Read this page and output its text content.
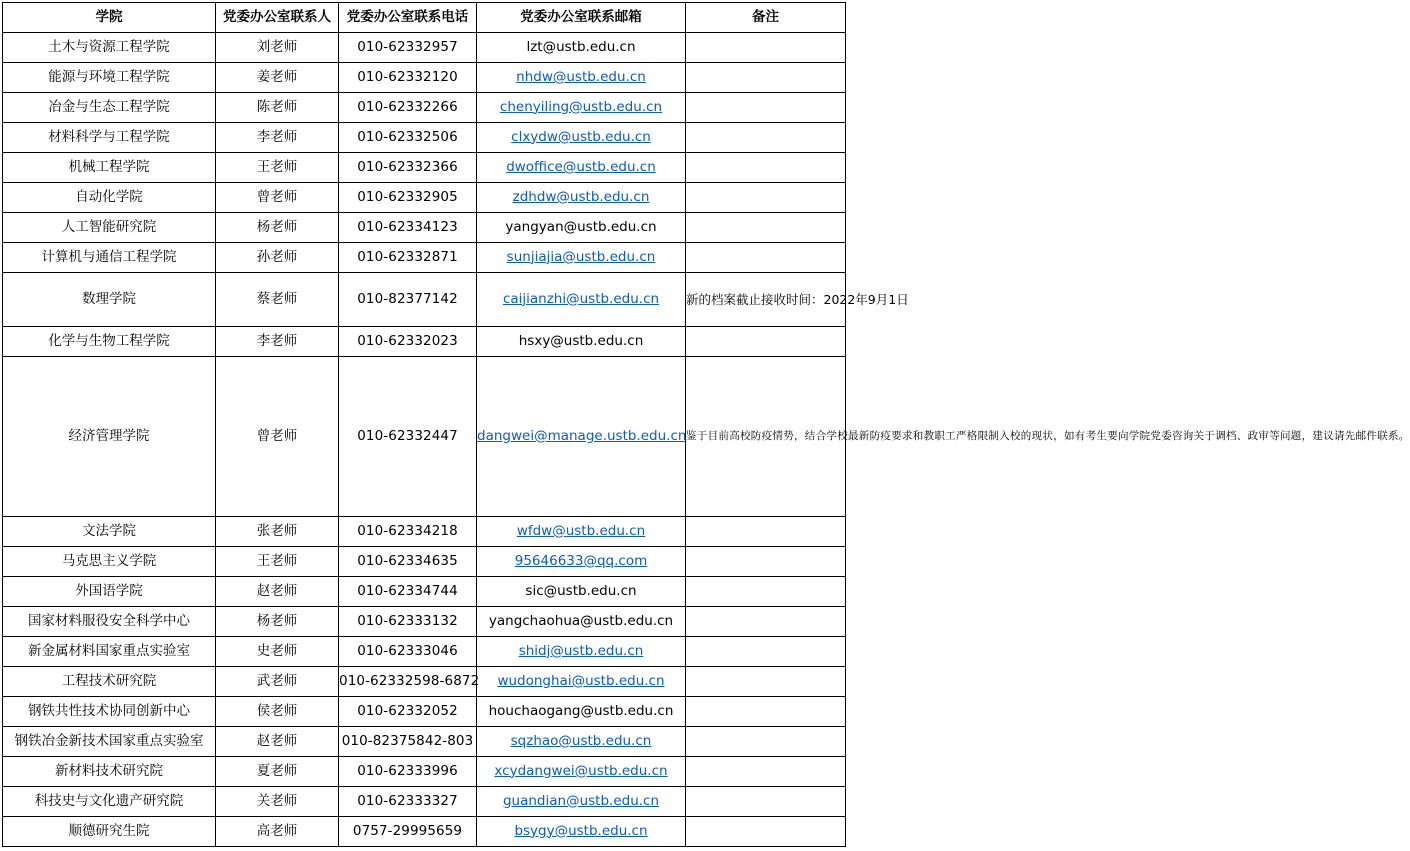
学院	党委办公室联系人	党委办公室联系电话	党委办公室联系邮箱	备注
土木与资源工程学院	刘老师	010-62332957	lzt@ustb.edu.cn	
能源与环境工程学院	姜老师	010-62332120	nhdw@ustb.edu.cn	
冶金与生态工程学院	陈老师	010-62332266	chenyiling@ustb.edu.cn	
材料科学与工程学院	李老师	010-62332506	clxydw@ustb.edu.cn	
机械工程学院	王老师	010-62332366	dwoffice@ustb.edu.cn	
自动化学院	曾老师	010-62332905	zdhdw@ustb.edu.cn	
人工智能研究院	杨老师	010-62334123	yangyan@ustb.edu.cn	
计算机与通信工程学院	孙老师	010-62332871	sunjiajia@ustb.edu.cn	
数理学院	蔡老师	010-82377142	caijianzhi@ustb.edu.cn	新的档案截止接收时间：2022年9月1日
化学与生物工程学院	李老师	010-62332023	hsxy@ustb.edu.cn	
经济管理学院	曾老师	010-62332447	dangwei@manage.ustb.edu.cn	鉴于目前高校防疫情势，结合学校最新防疫要求和教职工严格限制入校的现状，如有考生要向学院党委咨询关于调档、政审等问题，建议请先邮件联系。
文法学院	张老师	010-62334218	wfdw@ustb.edu.cn	
马克思主义学院	王老师	010-62334635	95646633@qq.com	
外国语学院	赵老师	010-62334744	sic@ustb.edu.cn	
国家材料服役安全科学中心	杨老师	010-62333132	yangchaohua@ustb.edu.cn	
新金属材料国家重点实验室	史老师	010-62333046	shidj@ustb.edu.cn	
工程技术研究院	武老师	010-62332598-6872	wudonghai@ustb.edu.cn	
钢铁共性技术协同创新中心	侯老师	010-62332052	houchaogang@ustb.edu.cn	
钢铁冶金新技术国家重点实验室	赵老师	010-82375842-803	sqzhao@ustb.edu.cn	
新材料技术研究院	夏老师	010-62333996	xcydangwei@ustb.edu.cn	
科技史与文化遗产研究院	关老师	010-62333327	guandian@ustb.edu.cn	
顺德研究生院	高老师	0757-29995659	bsygy@ustb.edu.cn	
